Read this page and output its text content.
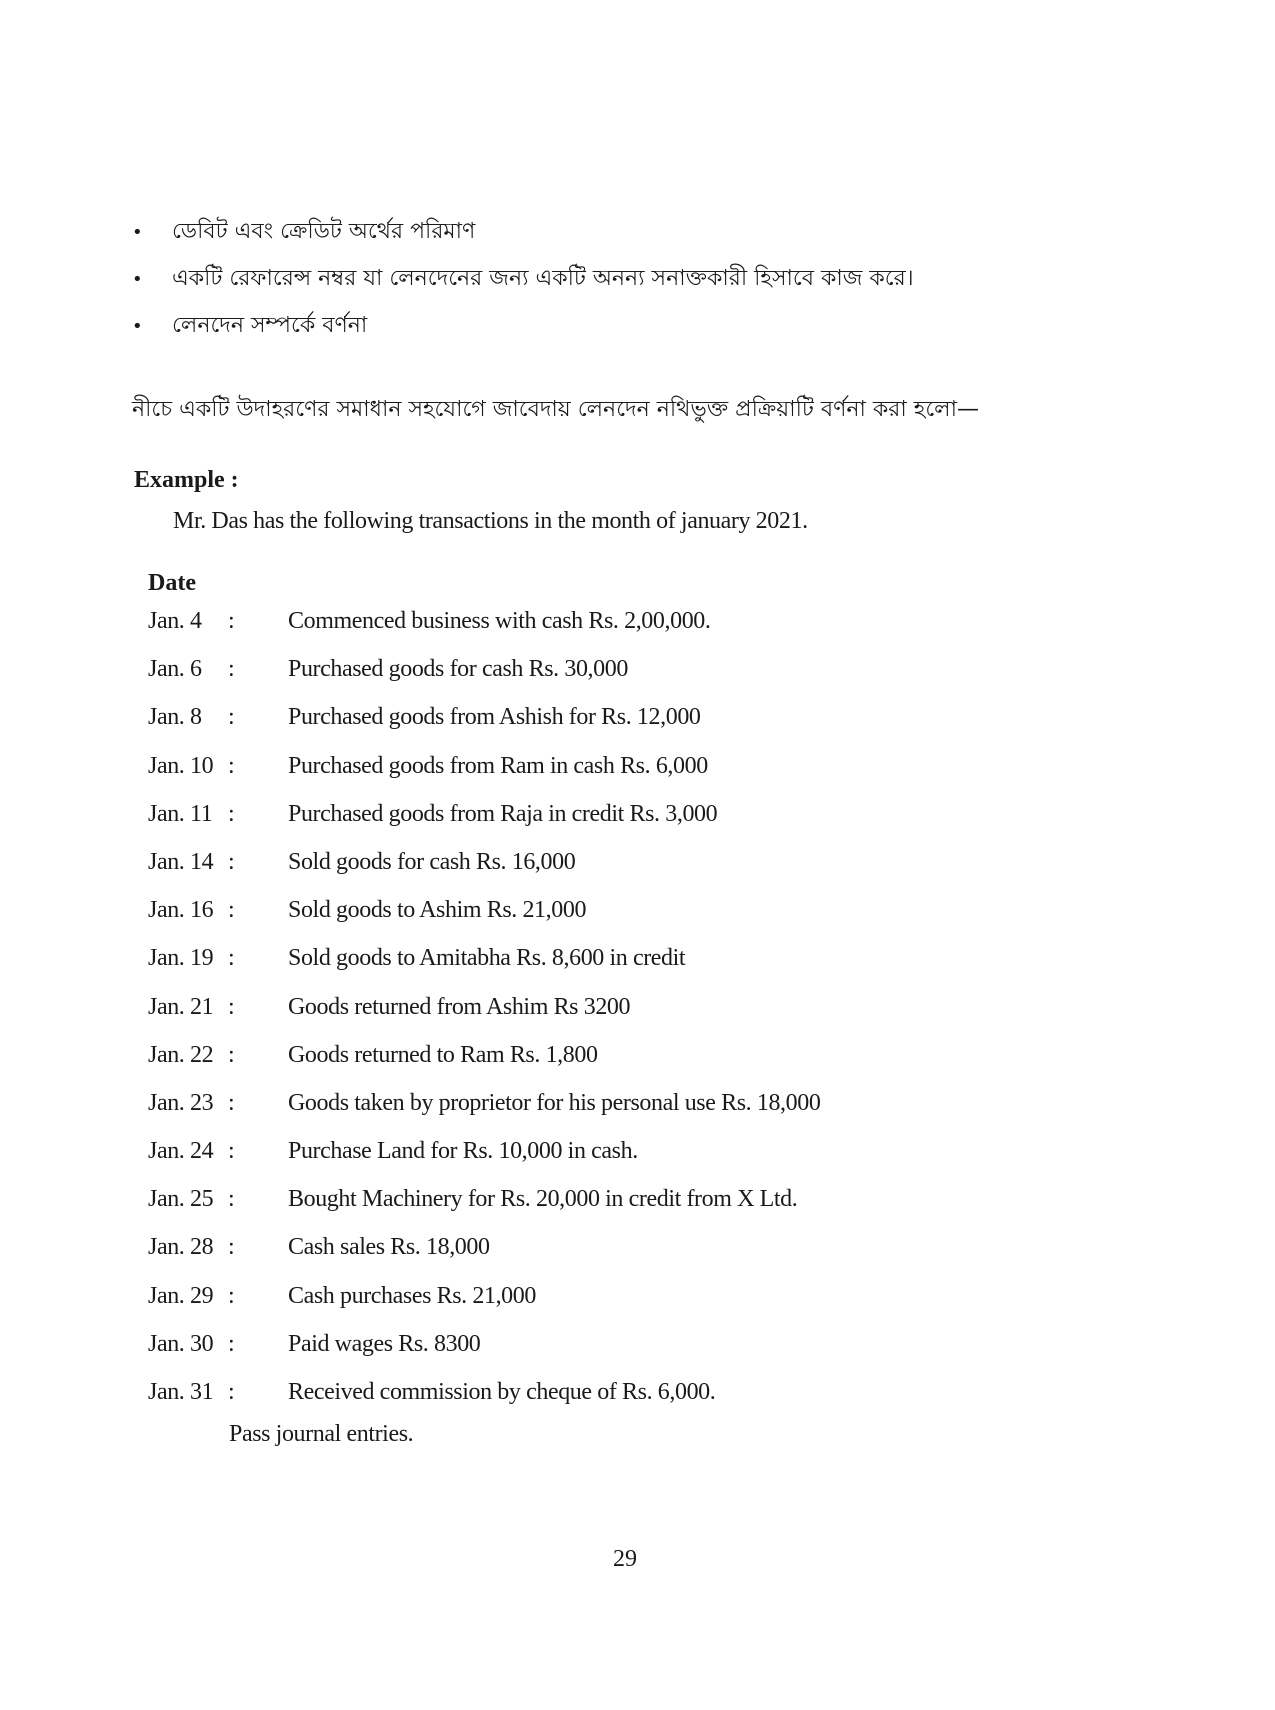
•	ডেবিট এবং ক্রেডিট অর্থের পরিমাণ
•	একটি রেফারেন্স নম্বর যা লেনদেনের জন্য একটি অনন্য সনাক্তকারী হিসাবে কাজ করে।
•	লেনদেন সম্পর্কে বর্ণনা
নীচে একটি উদাহরণের সমাধান সহযোগে জাবেদায় লেনদেন নথিভুক্ত প্রক্রিয়াটি বর্ণনা করা হলো—
Example :
Mr. Das has the following transactions in the month of january 2021.
Date
Jan. 4	:	Commenced business with cash Rs. 2,00,000.
Jan. 6	:	Purchased goods for cash Rs. 30,000
Jan. 8	:	Purchased goods from Ashish for Rs. 12,000
Jan. 10 :	Purchased goods from Ram in cash Rs. 6,000
Jan. 11 :	Purchased goods from Raja in credit Rs. 3,000
Jan. 14 :	Sold goods for cash Rs. 16,000
Jan. 16 :	Sold goods to Ashim Rs. 21,000
Jan. 19 :	Sold goods to Amitabha Rs. 8,600 in credit
Jan. 21 :	Goods returned from Ashim Rs 3200
Jan. 22 :	Goods returned to Ram Rs. 1,800
Jan. 23 :	Goods taken by proprietor for his personal use Rs. 18,000
Jan. 24 :	Purchase Land for Rs. 10,000 in cash.
Jan. 25 :	Bought Machinery for Rs. 20,000 in credit from X Ltd.
Jan. 28 :	Cash sales Rs. 18,000
Jan. 29 :	Cash purchases Rs. 21,000
Jan. 30 :	Paid wages Rs. 8300
Jan. 31 :	Received commission by cheque of Rs. 6,000.
Pass journal entries.
29
